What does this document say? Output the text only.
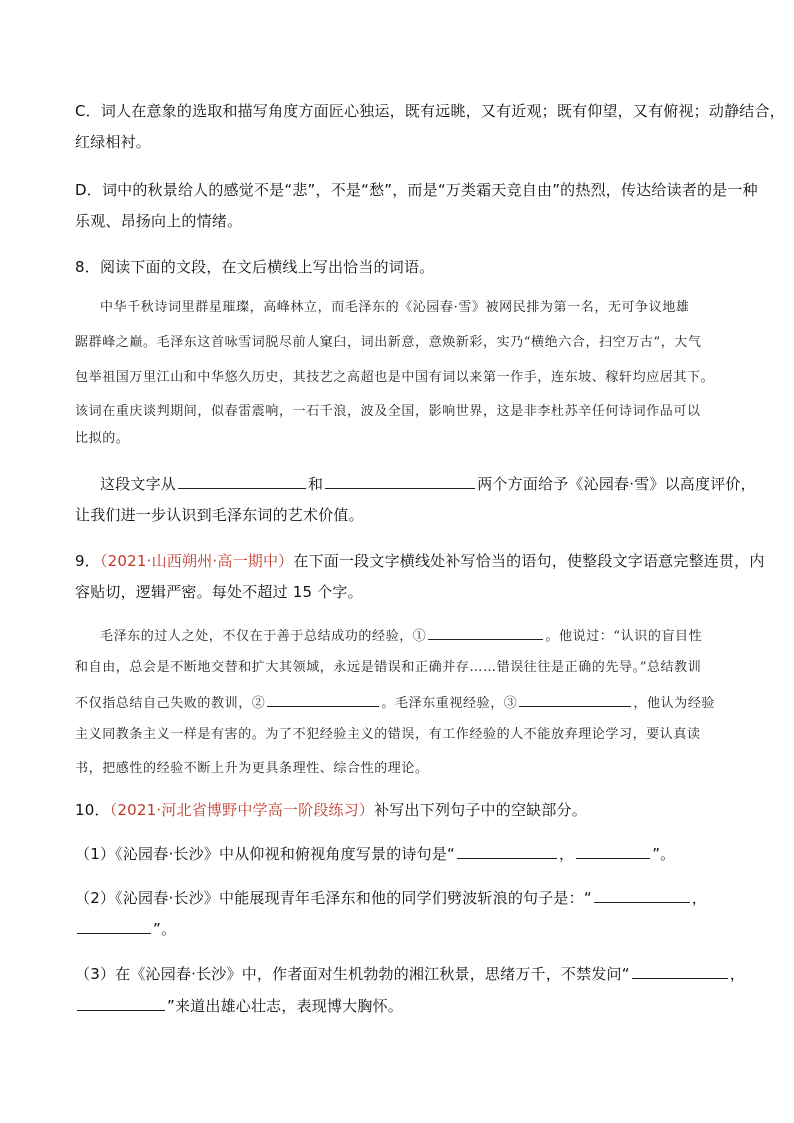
C．词人在意象的选取和描写角度方面匠心独运，既有远眺，又有近观；既有仰望，又有俯视；动静结合，
红绿相衬。
D．词中的秋景给人的感觉不是“悲”，不是“愁”，而是“万类霜天竞自由”的热烈，传达给读者的是一种
乐观、昂扬向上的情绪。
8．阅读下面的文段，在文后横线上写出恰当的词语。
中华千秋诗词里群星璀璨，高峰林立，而毛泽东的《沁园春·雪》被网民排为第一名，无可争议地雄
踞群峰之巅。毛泽东这首咏雪词脱尽前人窠臼，词出新意，意焕新彩，实乃“横绝六合，扫空万古”，大气
包举祖国万里江山和中华悠久历史，其技艺之高超也是中国有词以来第一作手，连东坡、稼轩均应居其下。
该词在重庆谈判期间，似春雷震响，一石千浪，波及全国，影响世界，这是非李杜苏辛任何诗词作品可以
比拟的。
这段文字从	和	两个方面给予《沁园春·雪》以高度评价，
让我们进一步认识到毛泽东词的艺术价值。
9．（2021·山西朔州·高一期中）在下面一段文字横线处补写恰当的语句，使整段文字语意完整连贯，内
容贴切，逻辑严密。每处不超过 15 个字。
毛泽东的过人之处，不仅在于善于总结成功的经验，①	。他说过：“认识的盲目性
和自由，总会是不断地交替和扩大其领域，永远是错误和正确并存……错误往往是正确的先导。”总结教训
不仅指总结自己失败的教训，②	。毛泽东重视经验，③	，他认为经验
主义同教条主义一样是有害的。为了不犯经验主义的错误，有工作经验的人不能放弃理论学习，要认真读
书，把感性的经验不断上升为更具条理性、综合性的理论。
10．（2021·河北省博野中学高一阶段练习）补写出下列句子中的空缺部分。
（1）《沁园春·长沙》中从仰视和俯视角度写景的诗句是“	，	”。
（2）《沁园春·长沙》中能展现青年毛泽东和他的同学们劈波斩浪的句子是：“	，
”。
（3）在《沁园春·长沙》中，作者面对生机勃勃的湘江秋景，思绪万千，不禁发问“	，
”来道出雄心壮志，表现博大胸怀。
